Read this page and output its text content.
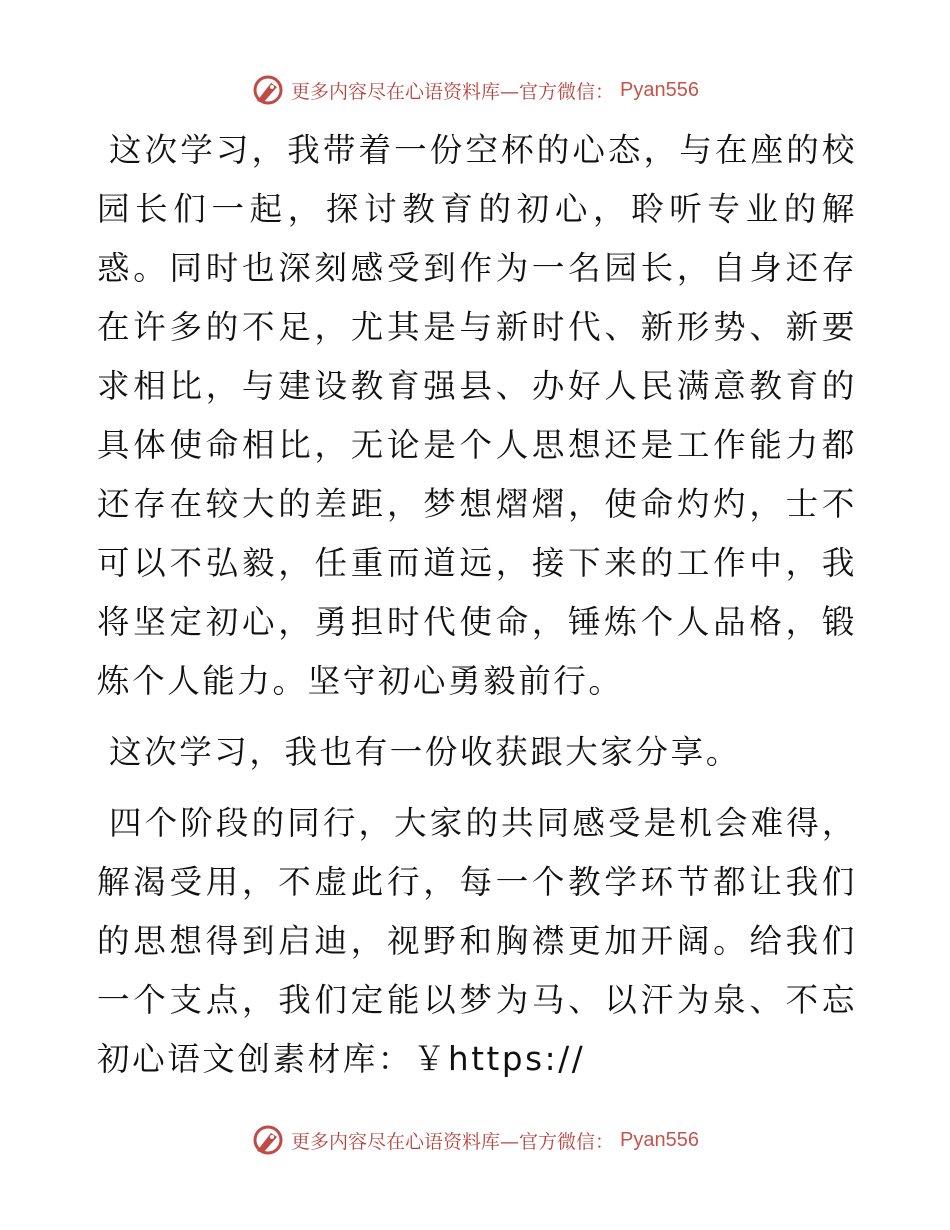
更多内容尽在心语资料库—官方微信： Pyan556

这次学习，我带着一份空杯的心态，与在座的校园长们一起，探讨教育的初心，聆听专业的解惑。同时也深刻感受到作为一名园长，自身还存在许多的不足，尤其是与新时代、新形势、新要求相比，与建设教育强县、办好人民满意教育的具体使命相比，无论是个人思想还是工作能力都还存在较大的差距，梦想熠熠，使命灼灼，士不可以不弘毅，任重而道远，接下来的工作中，我将坚定初心，勇担时代使命，锤炼个人品格，锻炼个人能力。坚守初心勇毅前行。

这次学习，我也有一份收获跟大家分享。

四个阶段的同行，大家的共同感受是机会难得，解渴受用，不虚此行，每一个教学环节都让我们的思想得到启迪，视野和胸襟更加开阔。给我们一个支点，我们定能以梦为马、以汗为泉、不忘初心语文创素材库：￥https://

更多内容尽在心语资料库—官方微信： Pyan556
